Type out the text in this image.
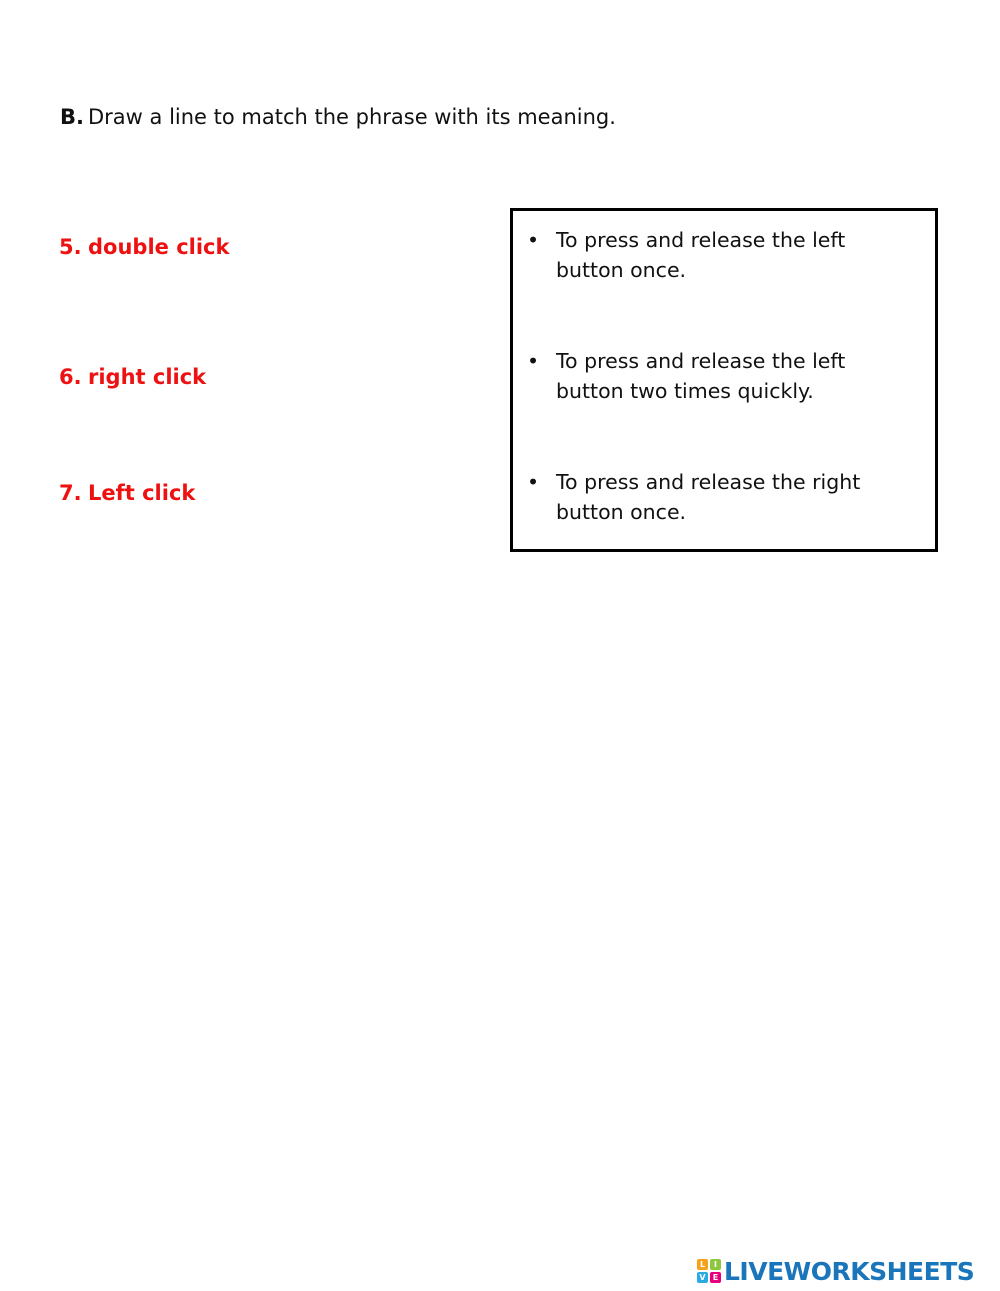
B. Draw a line to match the phrase with its meaning.
5. double click
6. right click
7. Left click
• To press and release the left
button once.
• To press and release the left
button two times quickly.
• To press and release the right
button once.
L	I
V E LIVEWORKSHEETS
